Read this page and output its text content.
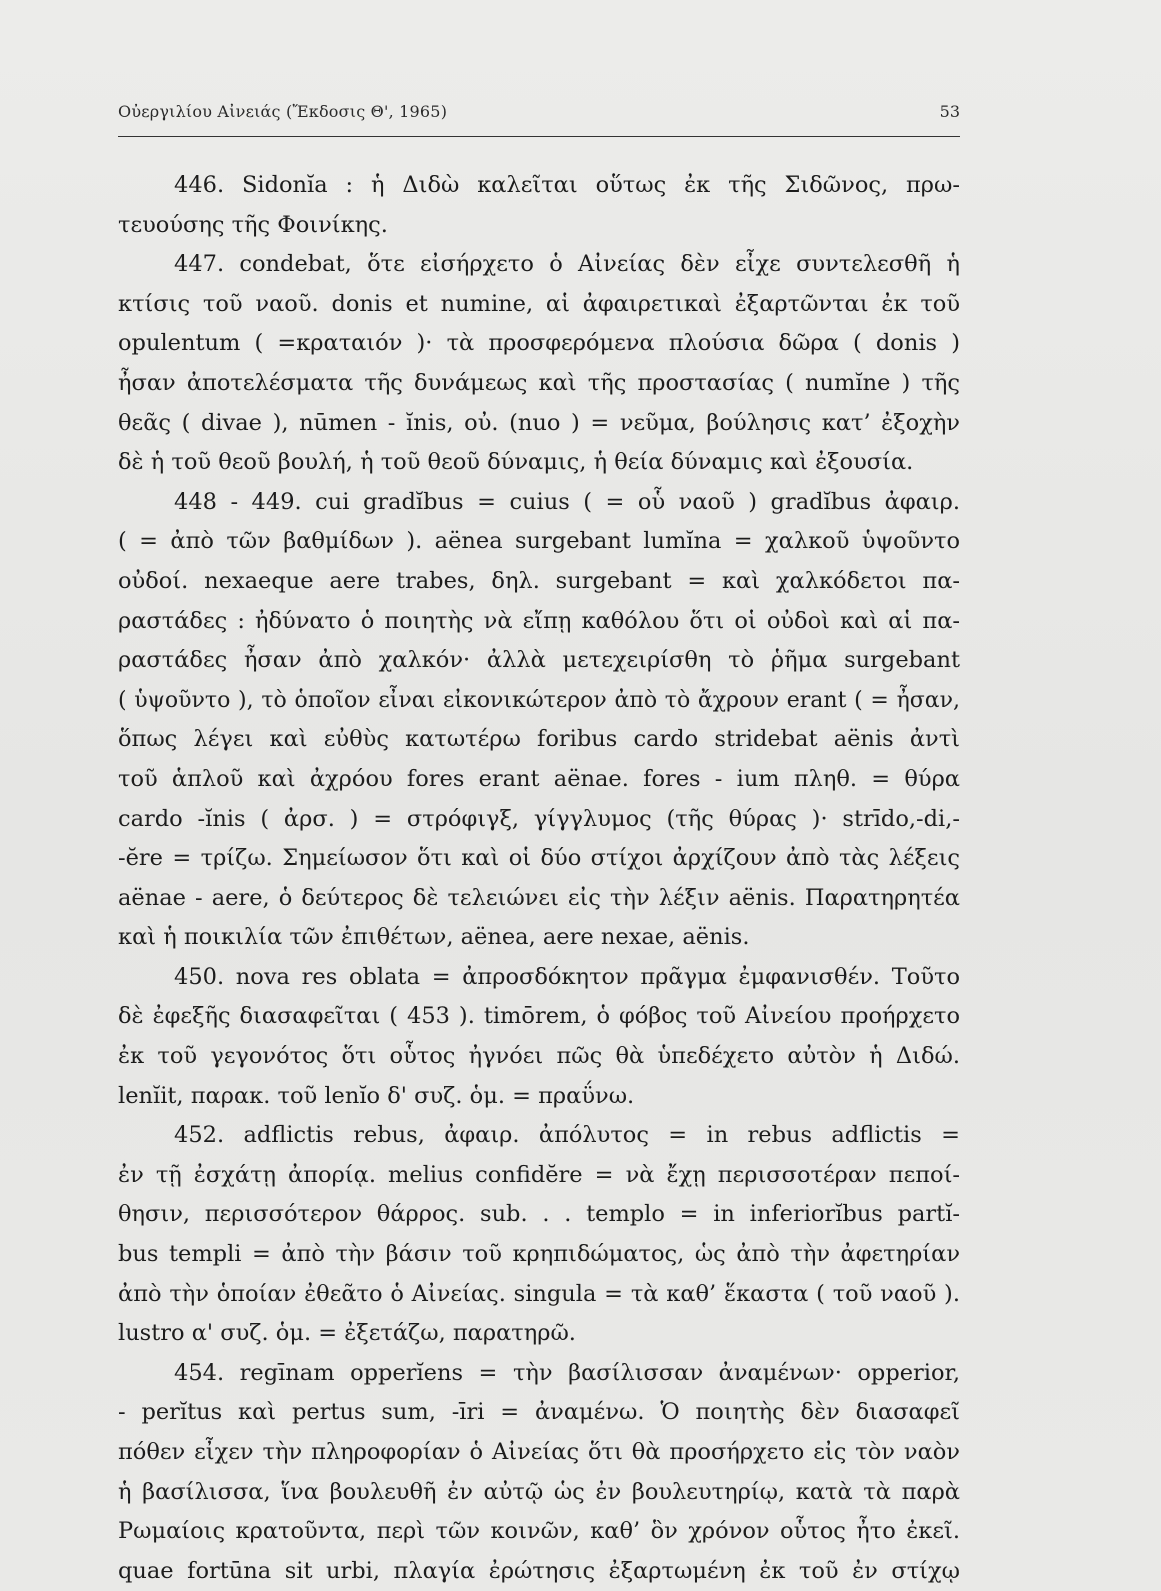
Οὐεργιλίου Αἰνειάς (Ἔκδοσις Θ', 1965)	53
446. Sidonĭa : ἡ Διδὼ καλεῖται οὕτως ἐκ τῆς Σιδῶνος, πρω-
τευούσης τῆς Φοινίκης.
447. condebat, ὅτε εἰσήρχετο ὁ Αἰνείας δὲν εἶχε συντελεσθῆ ἡ
κτίσις τοῦ ναοῦ. donis et numine, αἱ ἀφαιρετικαὶ ἐξαρτῶνται ἐκ τοῦ
opulentum ( =κραταιόν )· τὰ προσφερόμενα πλούσια δῶρα ( donis )
ἦσαν ἀποτελέσματα τῆς δυνάμεως καὶ τῆς προστασίας ( numĭne ) τῆς
θεᾶς ( divae ), nūmen - ĭnis, οὐ. (nuo ) = νεῦμα, βούλησις κατ’ ἐξοχὴν
δὲ ἡ τοῦ θεοῦ βουλή, ἡ τοῦ θεοῦ δύναμις, ἡ θεία δύναμις καὶ ἐξουσία.
448 - 449. cui gradĭbus = cuius ( = οὗ ναοῦ ) gradĭbus ἀφαιρ.
( = ἀπὸ τῶν βαθμίδων ). aënea surgebant lumĭna = χαλκοῦ ὑψοῦντο
οὐδοί. nexaeque aere trabes, δηλ. surgebant = καὶ χαλκόδετοι πα-
ραστάδες : ἠδύνατο ὁ ποιητὴς νὰ εἴπῃ καθόλου ὅτι οἱ οὐδοὶ καὶ αἱ πα-
ραστάδες ἦσαν ἀπὸ χαλκόν· ἀλλὰ μετεχειρίσθη τὸ ῥῆμα surgebant
( ὑψοῦντο ), τὸ ὁποῖον εἶναι εἰκονικώτερον ἀπὸ τὸ ἄχρουν erant ( = ἦσαν,
ὅπως λέγει καὶ εὐθὺς κατωτέρω foribus cardo stridebat aënis ἀντὶ
τοῦ ἁπλοῦ καὶ ἀχρόου fores erant aënae. fores - ium πληθ. = θύρα
cardo -ĭnis ( ἀρσ. ) = στρόφιγξ, γίγγλυμος (τῆς θύρας )· strīdo,-di,-
-ĕre = τρίζω. Σημείωσον ὅτι καὶ οἱ δύο στίχοι ἀρχίζουν ἀπὸ τὰς λέξεις
aënae - aere, ὁ δεύτερος δὲ τελειώνει εἰς τὴν λέξιν aënis. Παρατηρητέα
καὶ ἡ ποικιλία τῶν ἐπιθέτων, aënea, aere nexae, aënis.
450. nova res oblata = ἀπροσδόκητον πρᾶγμα ἐμφανισθέν. Τοῦτο
δὲ ἐφεξῆς διασαφεῖται ( 453 ). timōrem, ὁ φόβος τοῦ Αἰνείου προήρχετο
ἐκ τοῦ γεγονότος ὅτι οὗτος ἠγνόει πῶς θὰ ὑπεδέχετο αὐτὸν ἡ Διδώ.
lenĭit, παρακ. τοῦ lenĭo δ' συζ. ὁμ. = πραΰνω.
452. adflictis rebus, ἀφαιρ. ἀπόλυτος = in rebus adflictis =
ἐν τῇ ἐσχάτῃ ἀπορίᾳ. melius confidĕre = νὰ ἔχῃ περισσοτέραν πεποί-
θησιν, περισσότερον θάρρος. sub. . . templo = in inferiorĭbus partĭ-
bus templi = ἀπὸ τὴν βάσιν τοῦ κρηπιδώματος, ὡς ἀπὸ τὴν ἀφετηρίαν
ἀπὸ τὴν ὁποίαν ἐθεᾶτο ὁ Αἰνείας. singula = τὰ καθ’ ἕκαστα ( τοῦ ναοῦ ).
lustro α' συζ. ὁμ. = ἐξετάζω, παρατηρῶ.
454. regīnam opperĭens = τὴν βασίλισσαν ἀναμένων· opperior,
- perĭtus καὶ pertus sum, -īri = ἀναμένω. Ὁ ποιητὴς δὲν διασαφεῖ
πόθεν εἶχεν τὴν πληροφορίαν ὁ Αἰνείας ὅτι θὰ προσήρχετο εἰς τὸν ναὸν
ἡ βασίλισσα, ἵνα βουλευθῆ ἐν αὐτῷ ὡς ἐν βουλευτηρίῳ, κατὰ τὰ παρὰ
Ρωμαίοις κρατοῦντα, περὶ τῶν κοινῶν, καθ’ ὃν χρόνον οὗτος ἦτο ἐκεῖ.
quae fortūna sit urbi, πλαγία ἐρώτησις ἐξαρτωμένη ἐκ τοῦ ἐν στίχῳ
